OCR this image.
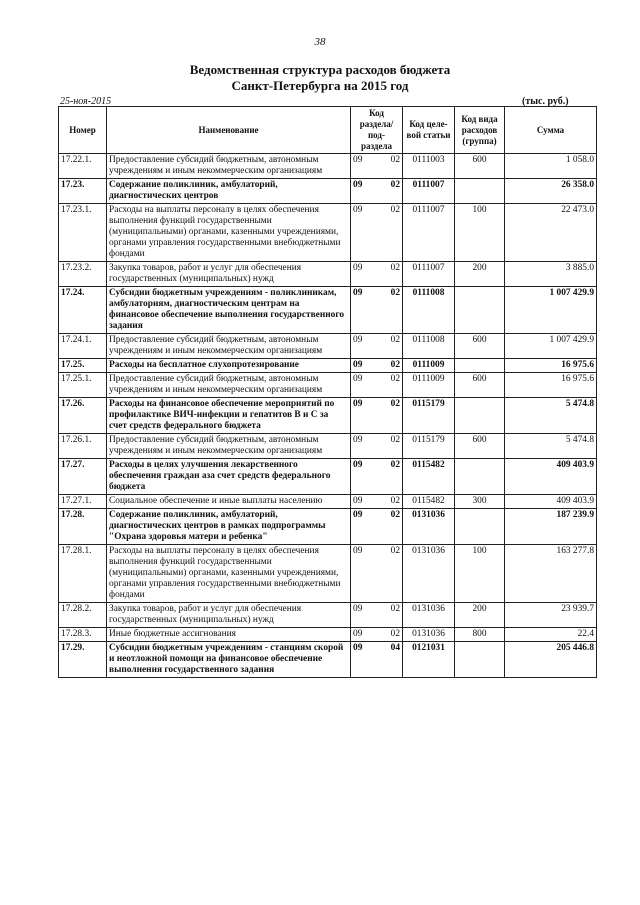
38
Ведомственная структура расходов бюджета
Санкт-Петербурга на 2015 год
25-ноя-2015	(тыс. руб.)
Номер	Наименование	Код раздела/ под- раздела	Код целе- вой статьи	Код вида расходов (группа)	Сумма
17.22.1.	Предоставление субсидий бюджетным, автономным учреждениям и иным некоммерческим организациям	09 02	0111003	600	1 058.0
17.23.	Содержание поликлиник, амбулаторий, диагностических центров	09 02	0111007		26 358.0
17.23.1.	Расходы на выплаты персоналу в целях обеспечения выполнения функций государственными (муниципальными) органами, казенными учреждениями, органами управления государственными внебюджетными фондами	09 02	0111007	100	22 473.0
17.23.2.	Закупка товаров, работ и услуг для обеспечения государственных (муниципальных) нужд	09 02	0111007	200	3 885.0
17.24.	Субсидии бюджетным учреждениям - поликлиникам, амбулаториям, диагностическим центрам на финансовое обеспечение выполнения государственного задания	09 02	0111008		1 007 429.9
17.24.1.	Предоставление субсидий бюджетным, автономным учреждениям и иным некоммерческим организациям	09 02	0111008	600	1 007 429.9
17.25.	Расходы на бесплатное слухопротезирование	09 02	0111009		16 975.6
17.25.1.	Предоставление субсидий бюджетным, автономным учреждениям и иным некоммерческим организациям	09 02	0111009	600	16 975.6
17.26.	Расходы на финансовое обеспечение мероприятий по профилактике ВИЧ-инфекции и гепатитов В и С за счет средств федерального бюджета	09 02	0115179		5 474.8
17.26.1.	Предоставление субсидий бюджетным, автономным учреждениям и иным некоммерческим организациям	09 02	0115179	600	5 474.8
17.27.	Расходы в целях улучшения лекарственного обеспечения граждан аза счет средств федерального бюджета	09 02	0115482		409 403.9
17.27.1.	Социальное обеспечение и иные выплаты населению	09 02	0115482	300	409 403.9
17.28.	Содержание поликлиник, амбулаторий, диагностических центров в рамках подпрограммы "Охрана здоровья матери и ребенка"	09 02	0131036		187 239.9
17.28.1.	Расходы на выплаты персоналу в целях обеспечения выполнения функций государственными (муниципальными) органами, казенными учреждениями, органами управления государственными внебюджетными фондами	09 02	0131036	100	163 277.8
17.28.2.	Закупка товаров, работ и услуг для обеспечения государственных (муниципальных) нужд	09 02	0131036	200	23 939.7
17.28.3.	Иные бюджетные ассигнования	09 02	0131036	800	22.4
17.29.	Субсидии бюджетным учреждениям - станциям скорой и неотложной помощи на финансовое обеспечение выполнения государственного задания	09 04	0121031		205 446.8
